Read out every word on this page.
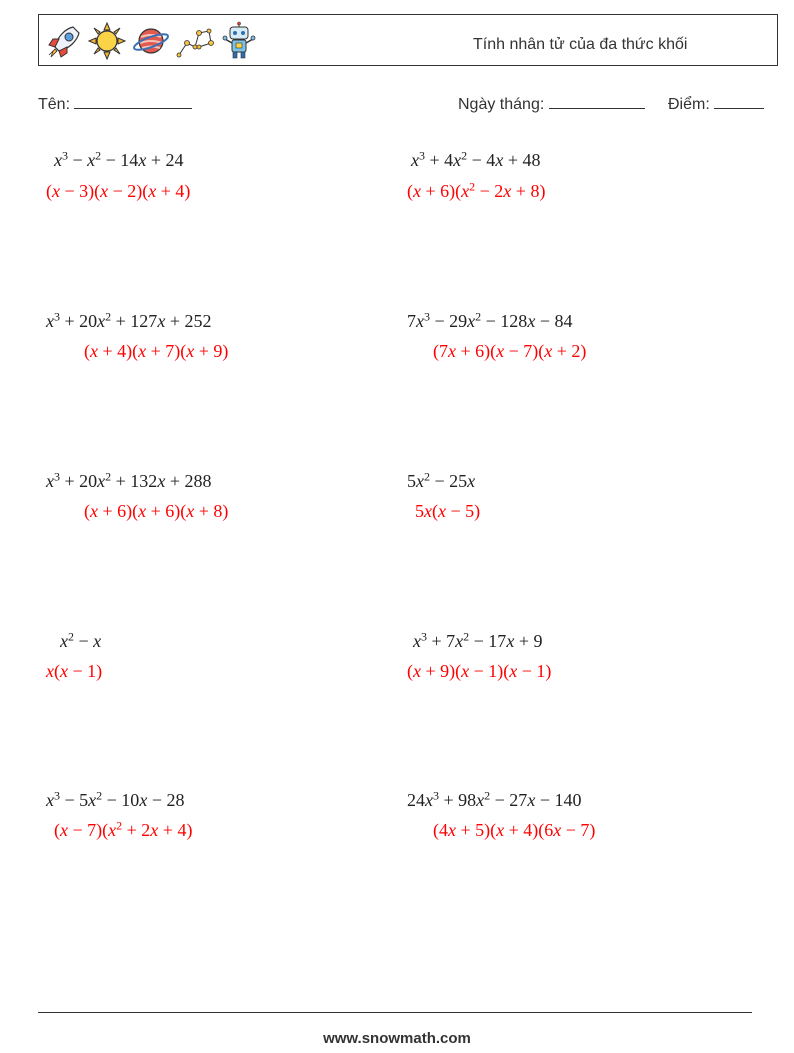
Tính nhân tử của đa thức khối
Tên:	Ngày tháng:	Điểm:
$x^3 - x^2 - 14x + 24$
(x − 3)(x − 2)(x + 4)
$x^3 + 4x^2 - 4x + 48$
$(x + 6)(x^2 - 2x + 8)$
$x^3 + 20x^2 + 127x + 252$
(x + 4)(x + 7)(x + 9)
$7x^3 - 29x^2 - 128x - 84$
(7x + 6)(x − 7)(x + 2)
$x^3 + 20x^2 + 132x + 288$
(x + 6)(x + 6)(x + 8)
$5x^2 - 25x$
5x(x − 5)
$x^2 - x$
x(x − 1)
$x^3 + 7x^2 - 17x + 9$
(x + 9)(x − 1)(x − 1)
$x^3 - 5x^2 - 10x - 28$
$(x - 7)(x^2 + 2x + 4)$
$24x^3 + 98x^2 - 27x - 140$
(4x + 5)(x + 4)(6x − 7)
www.snowmath.com
